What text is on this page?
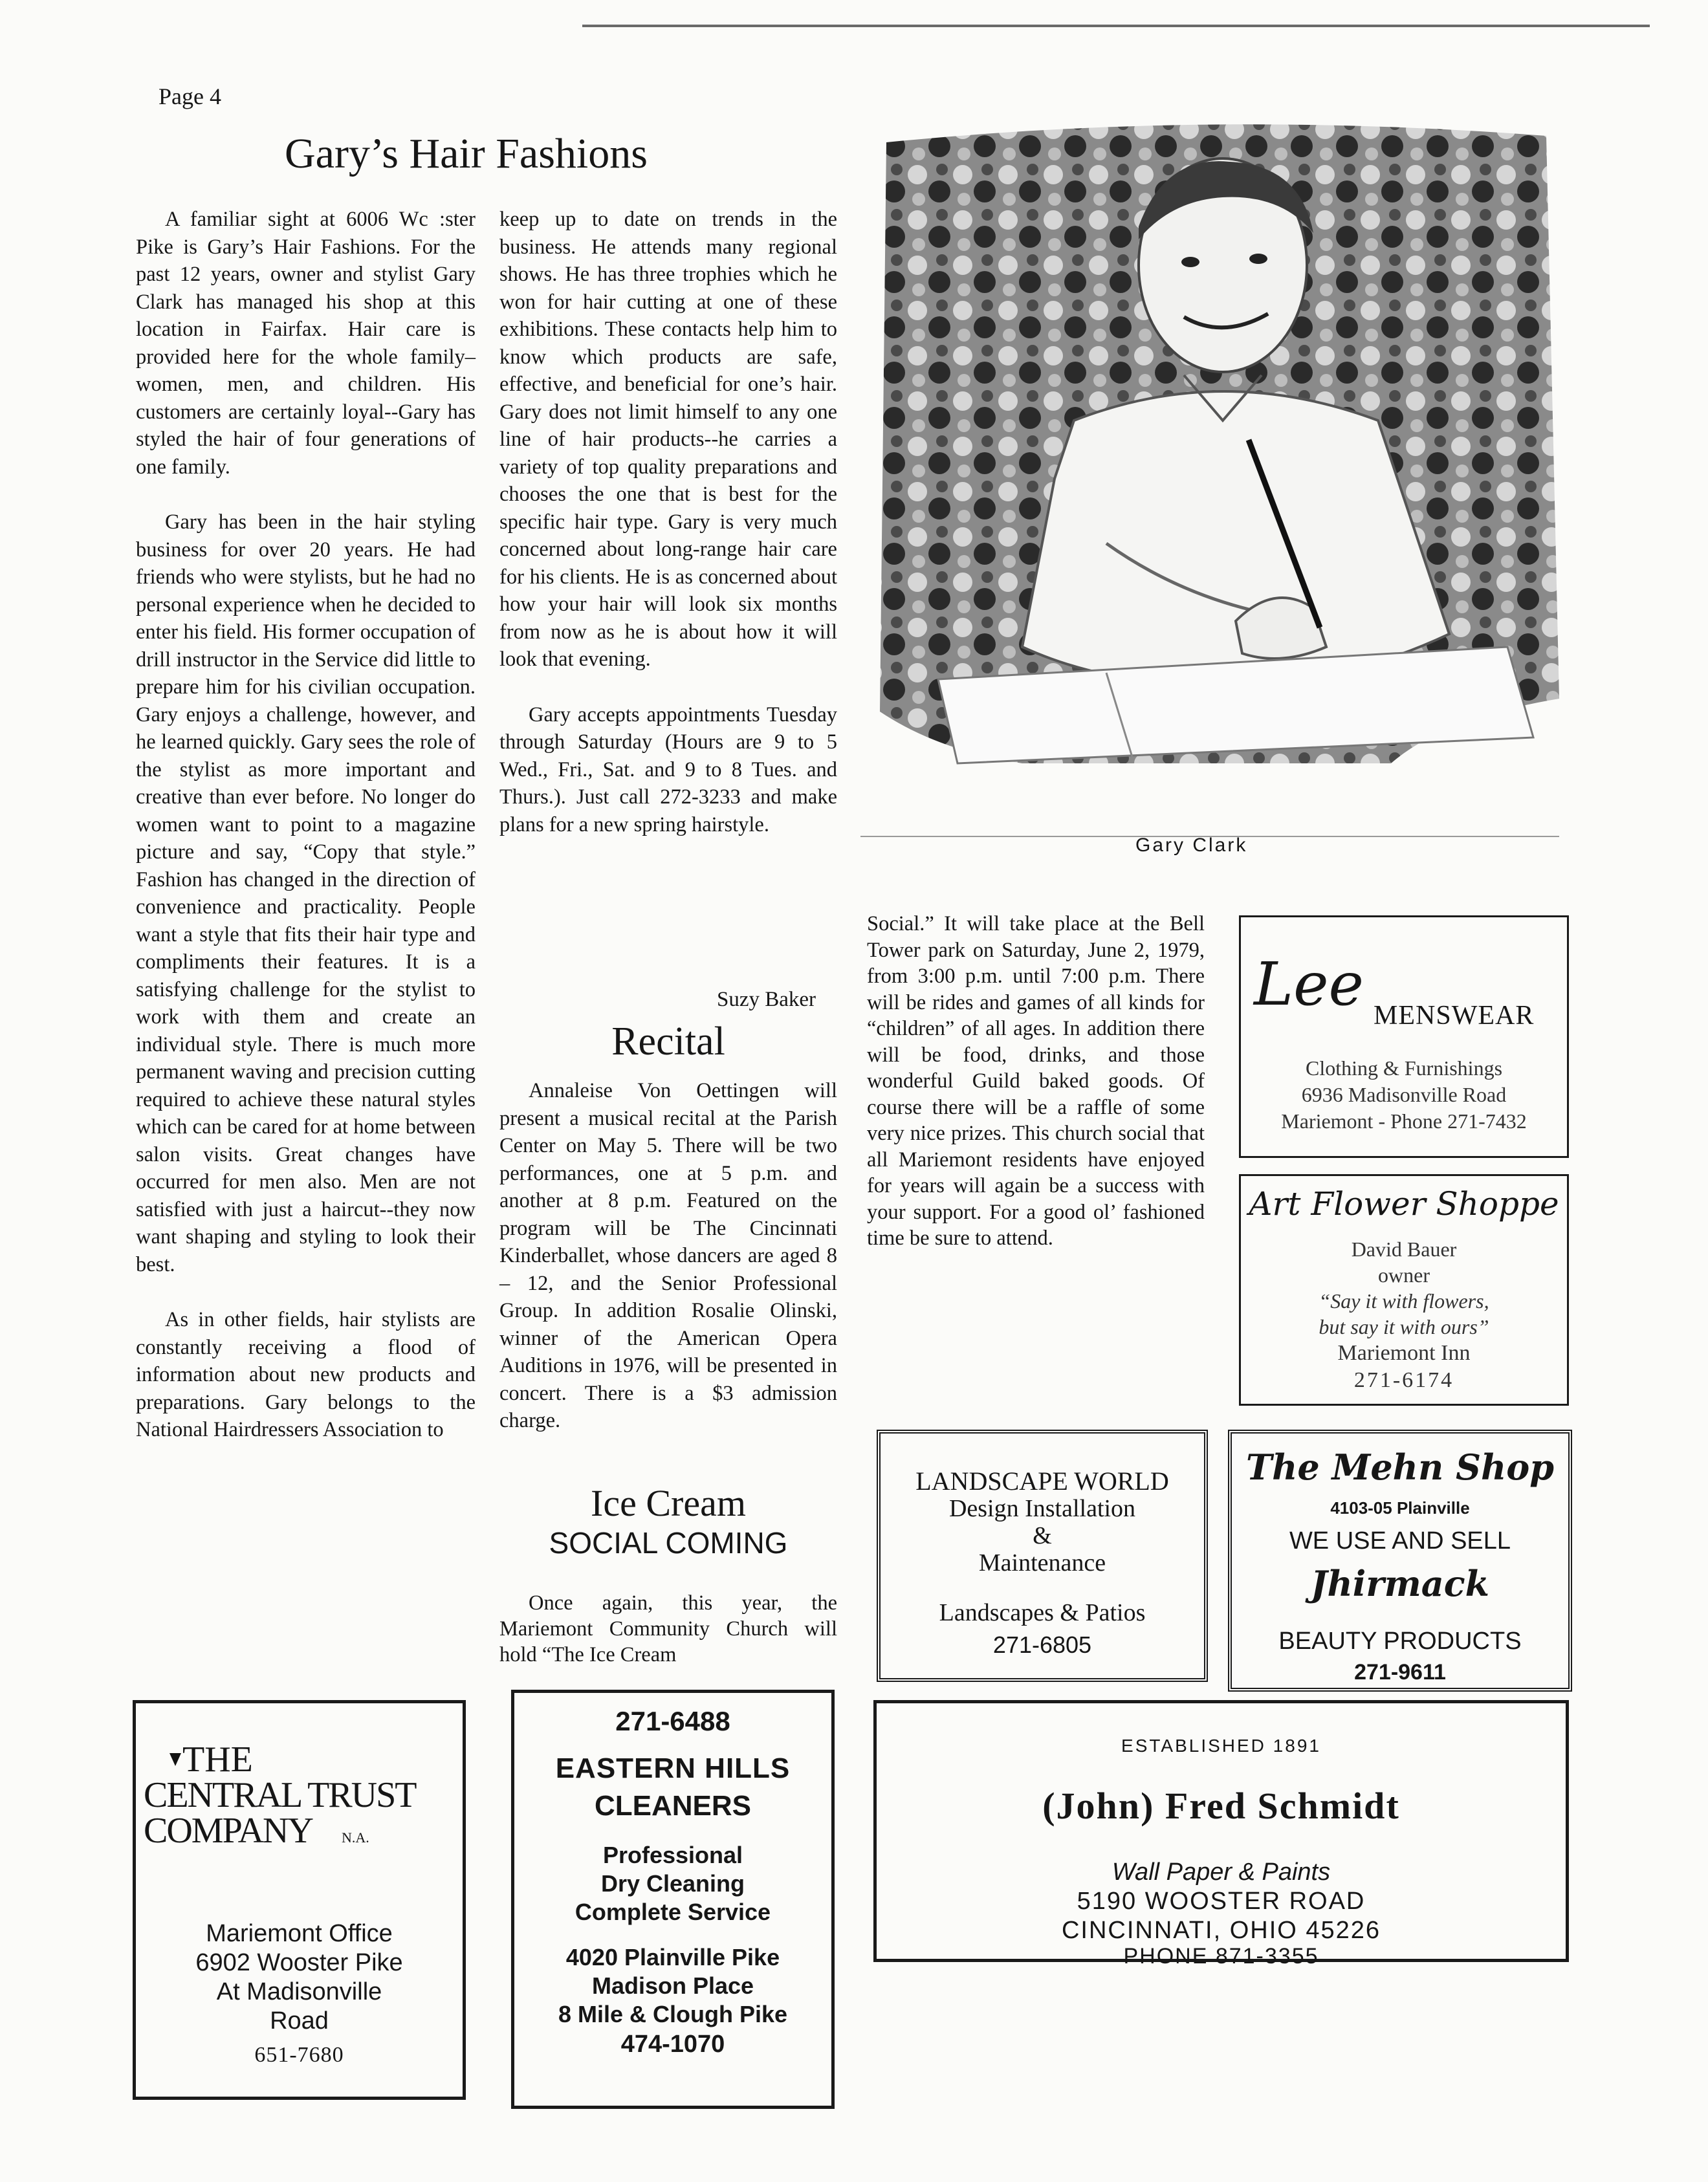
Page 4
Gary’s Hair Fashions

A familiar sight at 6006 Wc :ster Pike is Gary’s Hair Fashions. For the past 12 years, owner and stylist Gary Clark has managed his shop at this location in Fairfax. Hair care is provided here for the whole family–women, men, and children. His customers are certainly loyal--Gary has styled the hair of four generations of one family.

Gary has been in the hair styling business for over 20 years. He had friends who were stylists, but he had no personal experience when he decided to enter his field. His former occupation of drill instructor in the Service did little to prepare him for his civilian occupation. Gary enjoys a challenge, however, and he learned quickly. Gary sees the role of the stylist as more important and creative than ever before. No longer do women want to point to a magazine picture and say, “Copy that style.” Fashion has changed in the direction of convenience and practicality. People want a style that fits their hair type and compliments their features. It is a satisfying challenge for the stylist to work with them and create an individual style. There is much more permanent waving and precision cutting required to achieve these natural styles which can be cared for at home between salon visits. Great changes have occurred for men also. Men are not satisfied with just a haircut--they now want shaping and styling to look their best.

As in other fields, hair stylists are constantly receiving a flood of information about new products and preparations. Gary belongs to the National Hairdressers Association to

keep up to date on trends in the business. He attends many regional shows. He has three trophies which he won for hair cutting at one of these exhibitions. These contacts help him to know which products are safe, effective, and beneficial for one’s hair. Gary does not limit himself to any one line of hair products--he carries a variety of top quality preparations and chooses the one that is best for the specific hair type. Gary is very much concerned about long-range hair care for his clients. He is as concerned about how your hair will look six months from now as he is about how it will look that evening.

Gary accepts appointments Tuesday through Saturday (Hours are 9 to 5 Wed., Fri., Sat. and 9 to 8 Tues. and Thurs.). Just call 272-3233 and make plans for a new spring hairstyle.

Suzy Baker
Recital

Annaleise Von Oettingen will present a musical recital at the Parish Center on May 5. There will be two performances, one at 5 p.m. and another at 8 p.m. Featured on the program will be The Cincinnati Kinderballet, whose dancers are aged 8 – 12, and the Senior Professional Group. In addition Rosalie Olinski, winner of the American Opera Auditions in 1976, will be presented in concert. There is a $3 admission charge.

Ice Cream
SOCIAL COMING

Once again, this year, the Mariemont Community Church will hold “The Ice Cream

Gary Clark

Social.” It will take place at the Bell Tower park on Saturday, June 2, 1979, from 3:00 p.m. until 7:00 p.m. There will be rides and games of all kinds for “children” of all ages. In addition there will be food, drinks, and those wonderful Guild baked goods. Of course there will be a raffle of some very nice prizes. This church social that all Mariemont residents have enjoyed for years will again be a success with your support. For a good ol’ fashioned time be sure to attend.

Lee MENSWEAR
Clothing & Furnishings
6936 Madisonville Road
Mariemont - Phone 271-7432
Art Flower Shoppe
David Bauer
owner
“Say it with flowers,
but say it with ours”
Mariemont Inn
271-6174
LANDSCAPE WORLD
Design Installation
&
Maintenance
Landscapes & Patios
271-6805
The Mehn Shop
4103-05 Plainville
WE USE AND SELL
Jhirmack
BEAUTY PRODUCTS
271-9611
THE
CENTRAL TRUST
COMPANY N.A.
Mariemont Office
6902 Wooster Pike
At Madisonville
Road
651-7680
271-6488
EASTERN HILLS
CLEANERS
Professional
Dry Cleaning
Complete Service
4020 Plainville Pike
Madison Place
8 Mile & Clough Pike
474-1070
ESTABLISHED 1891
(John) Fred Schmidt
Wall Paper & Paints
5190 WOOSTER ROAD
CINCINNATI, OHIO 45226
PHONE 871-3355
